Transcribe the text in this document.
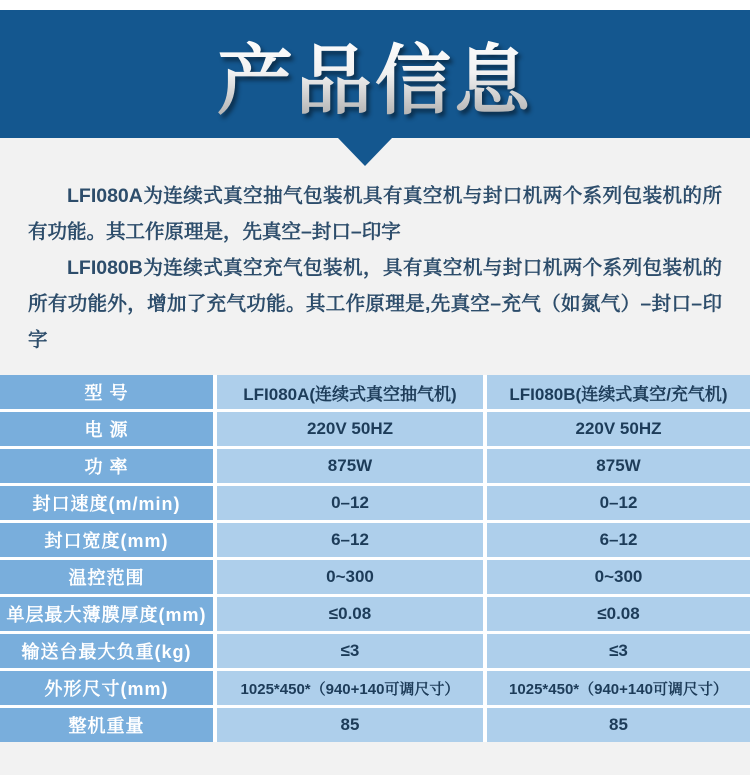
产品信息

LFI080A为连续式真空抽气包装机具有真空机与封口机两个系列包装机的所有功能。其工作原理是，先真空–封口–印字

LFI080B为连续式真空充气包装机，具有真空机与封口机两个系列包装机的所有功能外，增加了充气功能。其工作原理是,先真空–充气（如氮气）–封口–印字

型 号	LFI080A(连续式真空抽气机)	LFI080B(连续式真空/充气机)
电 源	220V 50HZ	220V 50HZ
功 率	875W	875W
封口速度(m/min)	0–12	0–12
封口宽度(mm)	6–12	6–12
温控范围	0~300	0~300
单层最大薄膜厚度(mm)	≤0.08	≤0.08
输送台最大负重(kg)	≤3	≤3
外形尺寸(mm)	1025*450*（940+140可调尺寸）	1025*450*（940+140可调尺寸）
整机重量	85	85
